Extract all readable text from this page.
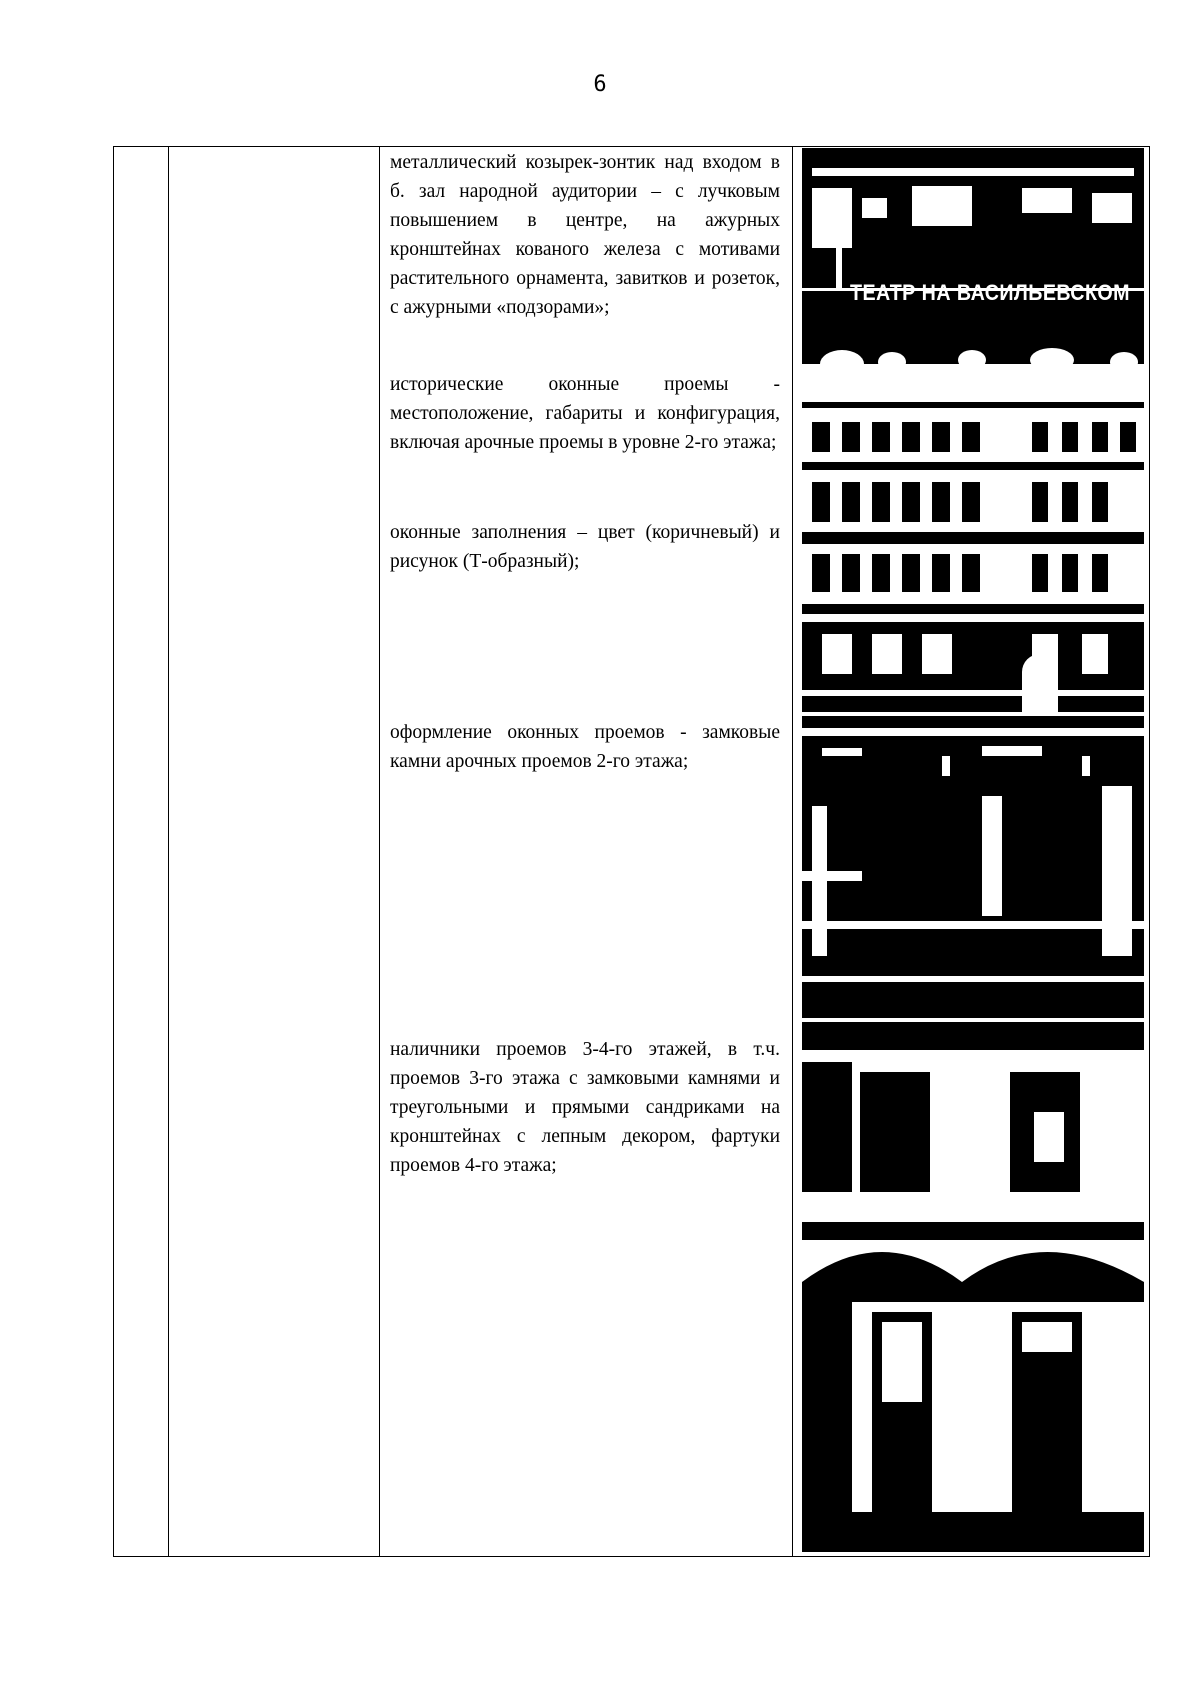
6
металлический козырек-зонтик над входом в б. зал народной аудитории – с лучковым повышением в центре, на ажурных кронштейнах кованого железа с мотивами растительного орнамента, завитков и розеток, с ажурными «подзорами»;
исторические оконные проемы - местоположение, габариты и конфигурация, включая арочные проемы в уровне 2-го этажа;
оконные заполнения – цвет (коричневый) и рисунок (Т-образный);
оформление оконных проемов - замковые камни арочных проемов 2-го этажа;
наличники проемов 3-4-го этажей, в т.ч. проемов 3-го этажа с замковыми камнями и треугольными и прямыми сандриками на кронштейнах с лепным декором, фартуки проемов 4-го этажа;
ТЕАТР НА ВАСИЛЬЕВСКОМ
